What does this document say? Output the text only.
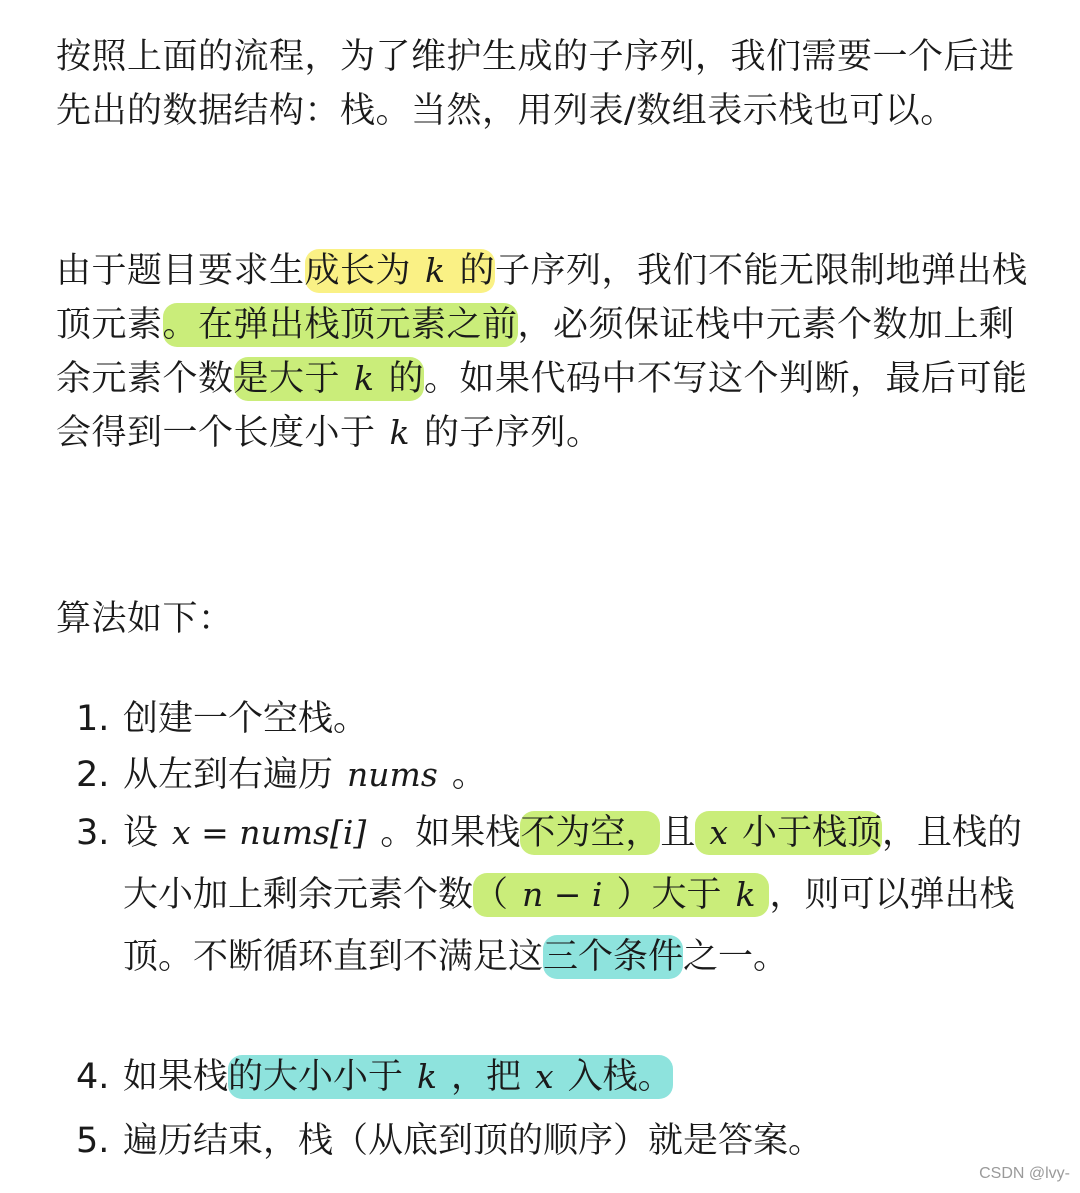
按照上面的流程，为了维护生成的子序列，我们需要一个后进先出的数据结构：栈。当然，用列表/数组表示栈也可以。

由于题目要求生成长为 k 的子序列，我们不能无限制地弹出栈顶元素。在弹出栈顶元素之前，必须保证栈中元素个数加上剩余元素个数是大于 k 的。如果代码中不写这个判断，最后可能会得到一个长度小于 k 的子序列。

算法如下：

1. 创建一个空栈。
2. 从左到右遍历 nums 。
3. 设 x = nums[i] 。如果栈不为空，且 x 小于栈顶，且栈的大小加上剩余元素个数（ n − i ）大于 k ，则可以弹出栈顶。不断循环直到不满足这三个条件之一。
4. 如果栈的大小小于 k ，把 x 入栈。
5. 遍历结束，栈（从底到顶的顺序）就是答案。
CSDN @lvy-
